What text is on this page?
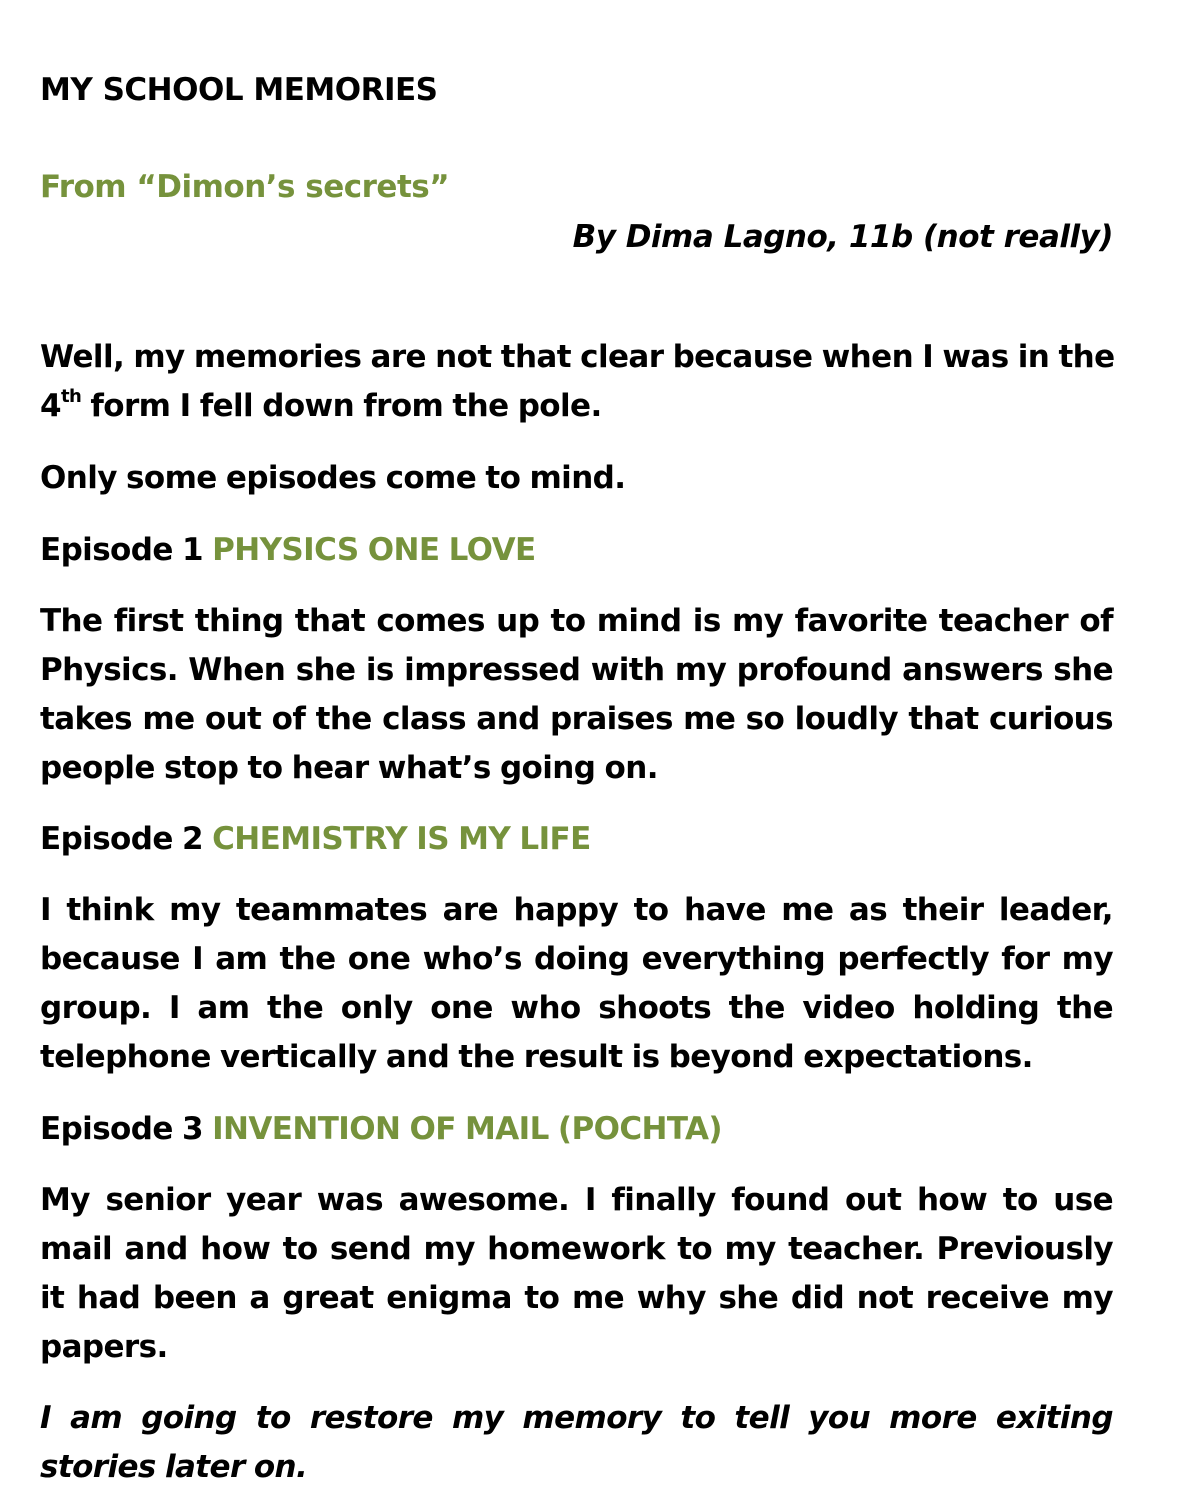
MY SCHOOL MEMORIES

From “Dimon’s secrets”

By Dima Lagno, 11b (not really)

Well, my memories are not that clear because when I was in the
4th form I fell down from the pole.

Only some episodes come to mind.

Episode 1 PHYSICS ONE LOVE

The first thing that comes up to mind is my favorite teacher of Physics. When she is impressed with my profound answers she takes me out of the class and praises me so loudly that curious people stop to hear what’s going on.

Episode 2 CHEMISTRY IS MY LIFE

I think my teammates are happy to have me as their leader, because I am the one who’s doing everything perfectly for my group. I am the only one who shoots the video holding the telephone vertically and the result is beyond expectations.

Episode 3 INVENTION OF MAIL (POCHTA)

My senior year was awesome. I finally found out how to use mail and how to send my homework to my teacher. Previously it had been a great enigma to me why she did not receive my papers.

I am going to restore my memory to tell you more exiting stories later on.
